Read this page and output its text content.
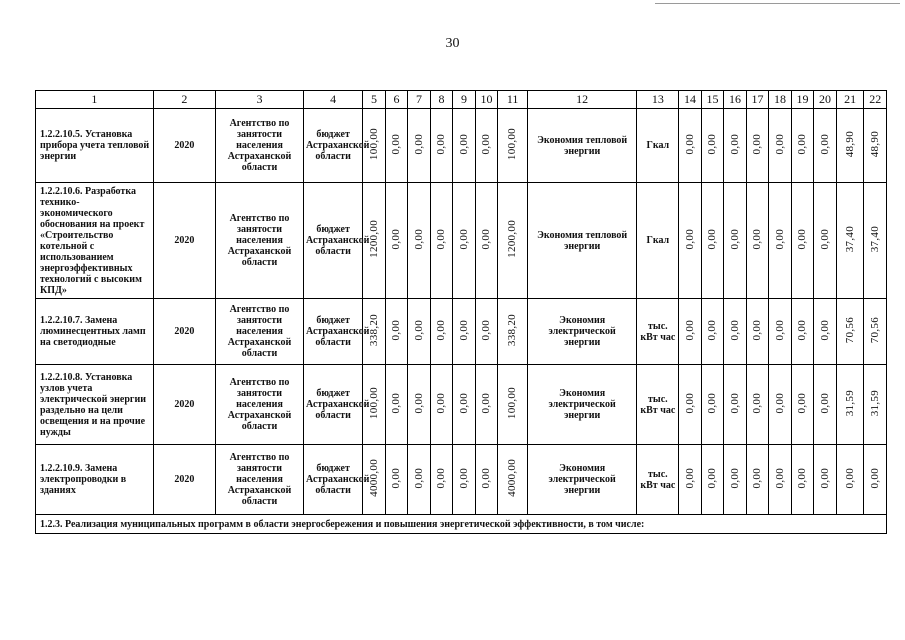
30
1	2	3	4	5	6	7	8	9	10	11	12	13	14	15	16	17	18	19	20	21	22
1.2.2.10.5. Установка прибора учета тепловой энергии	2020	Агентство по занятости населения Астраханской области	бюджет Астраханской области	100,00	0,00	0,00	0,00	0,00	0,00	100,00	Экономия тепловой энергии	Гкал	0,00	0,00	0,00	0,00	0,00	0,00	0,00	48,90	48,90
1.2.2.10.6. Разработка технико-экономического обоснования на проект «Строительство котельной с использованием энергоэффективных технологий с высоким КПД»	2020	Агентство по занятости населения Астраханской области	бюджет Астраханской области	1200,00	0,00	0,00	0,00	0,00	0,00	1200,00	Экономия тепловой энергии	Гкал	0,00	0,00	0,00	0,00	0,00	0,00	0,00	37,40	37,40
1.2.2.10.7. Замена люминесцентных ламп на светодиодные	2020	Агентство по занятости населения Астраханской области	бюджет Астраханской области	338,20	0,00	0,00	0,00	0,00	0,00	338,20	Экономия электрической энергии	тыс. кВт час	0,00	0,00	0,00	0,00	0,00	0,00	0,00	70,56	70,56
1.2.2.10.8. Установка узлов учета электрической энергии раздельно на цели освещения и на прочие нужды	2020	Агентство по занятости населения Астраханской области	бюджет Астраханской области	100,00	0,00	0,00	0,00	0,00	0,00	100,00	Экономия электрической энергии	тыс. кВт час	0,00	0,00	0,00	0,00	0,00	0,00	0,00	31,59	31,59
1.2.2.10.9. Замена электропроводки в зданиях	2020	Агентство по занятости населения Астраханской области	бюджет Астраханской области	4000,00	0,00	0,00	0,00	0,00	0,00	4000,00	Экономия электрической энергии	тыс. кВт час	0,00	0,00	0,00	0,00	0,00	0,00	0,00	0,00	0,00
1.2.3. Реализация муниципальных программ в области энергосбережения и повышения энергетической эффективности, в том числе:																					
